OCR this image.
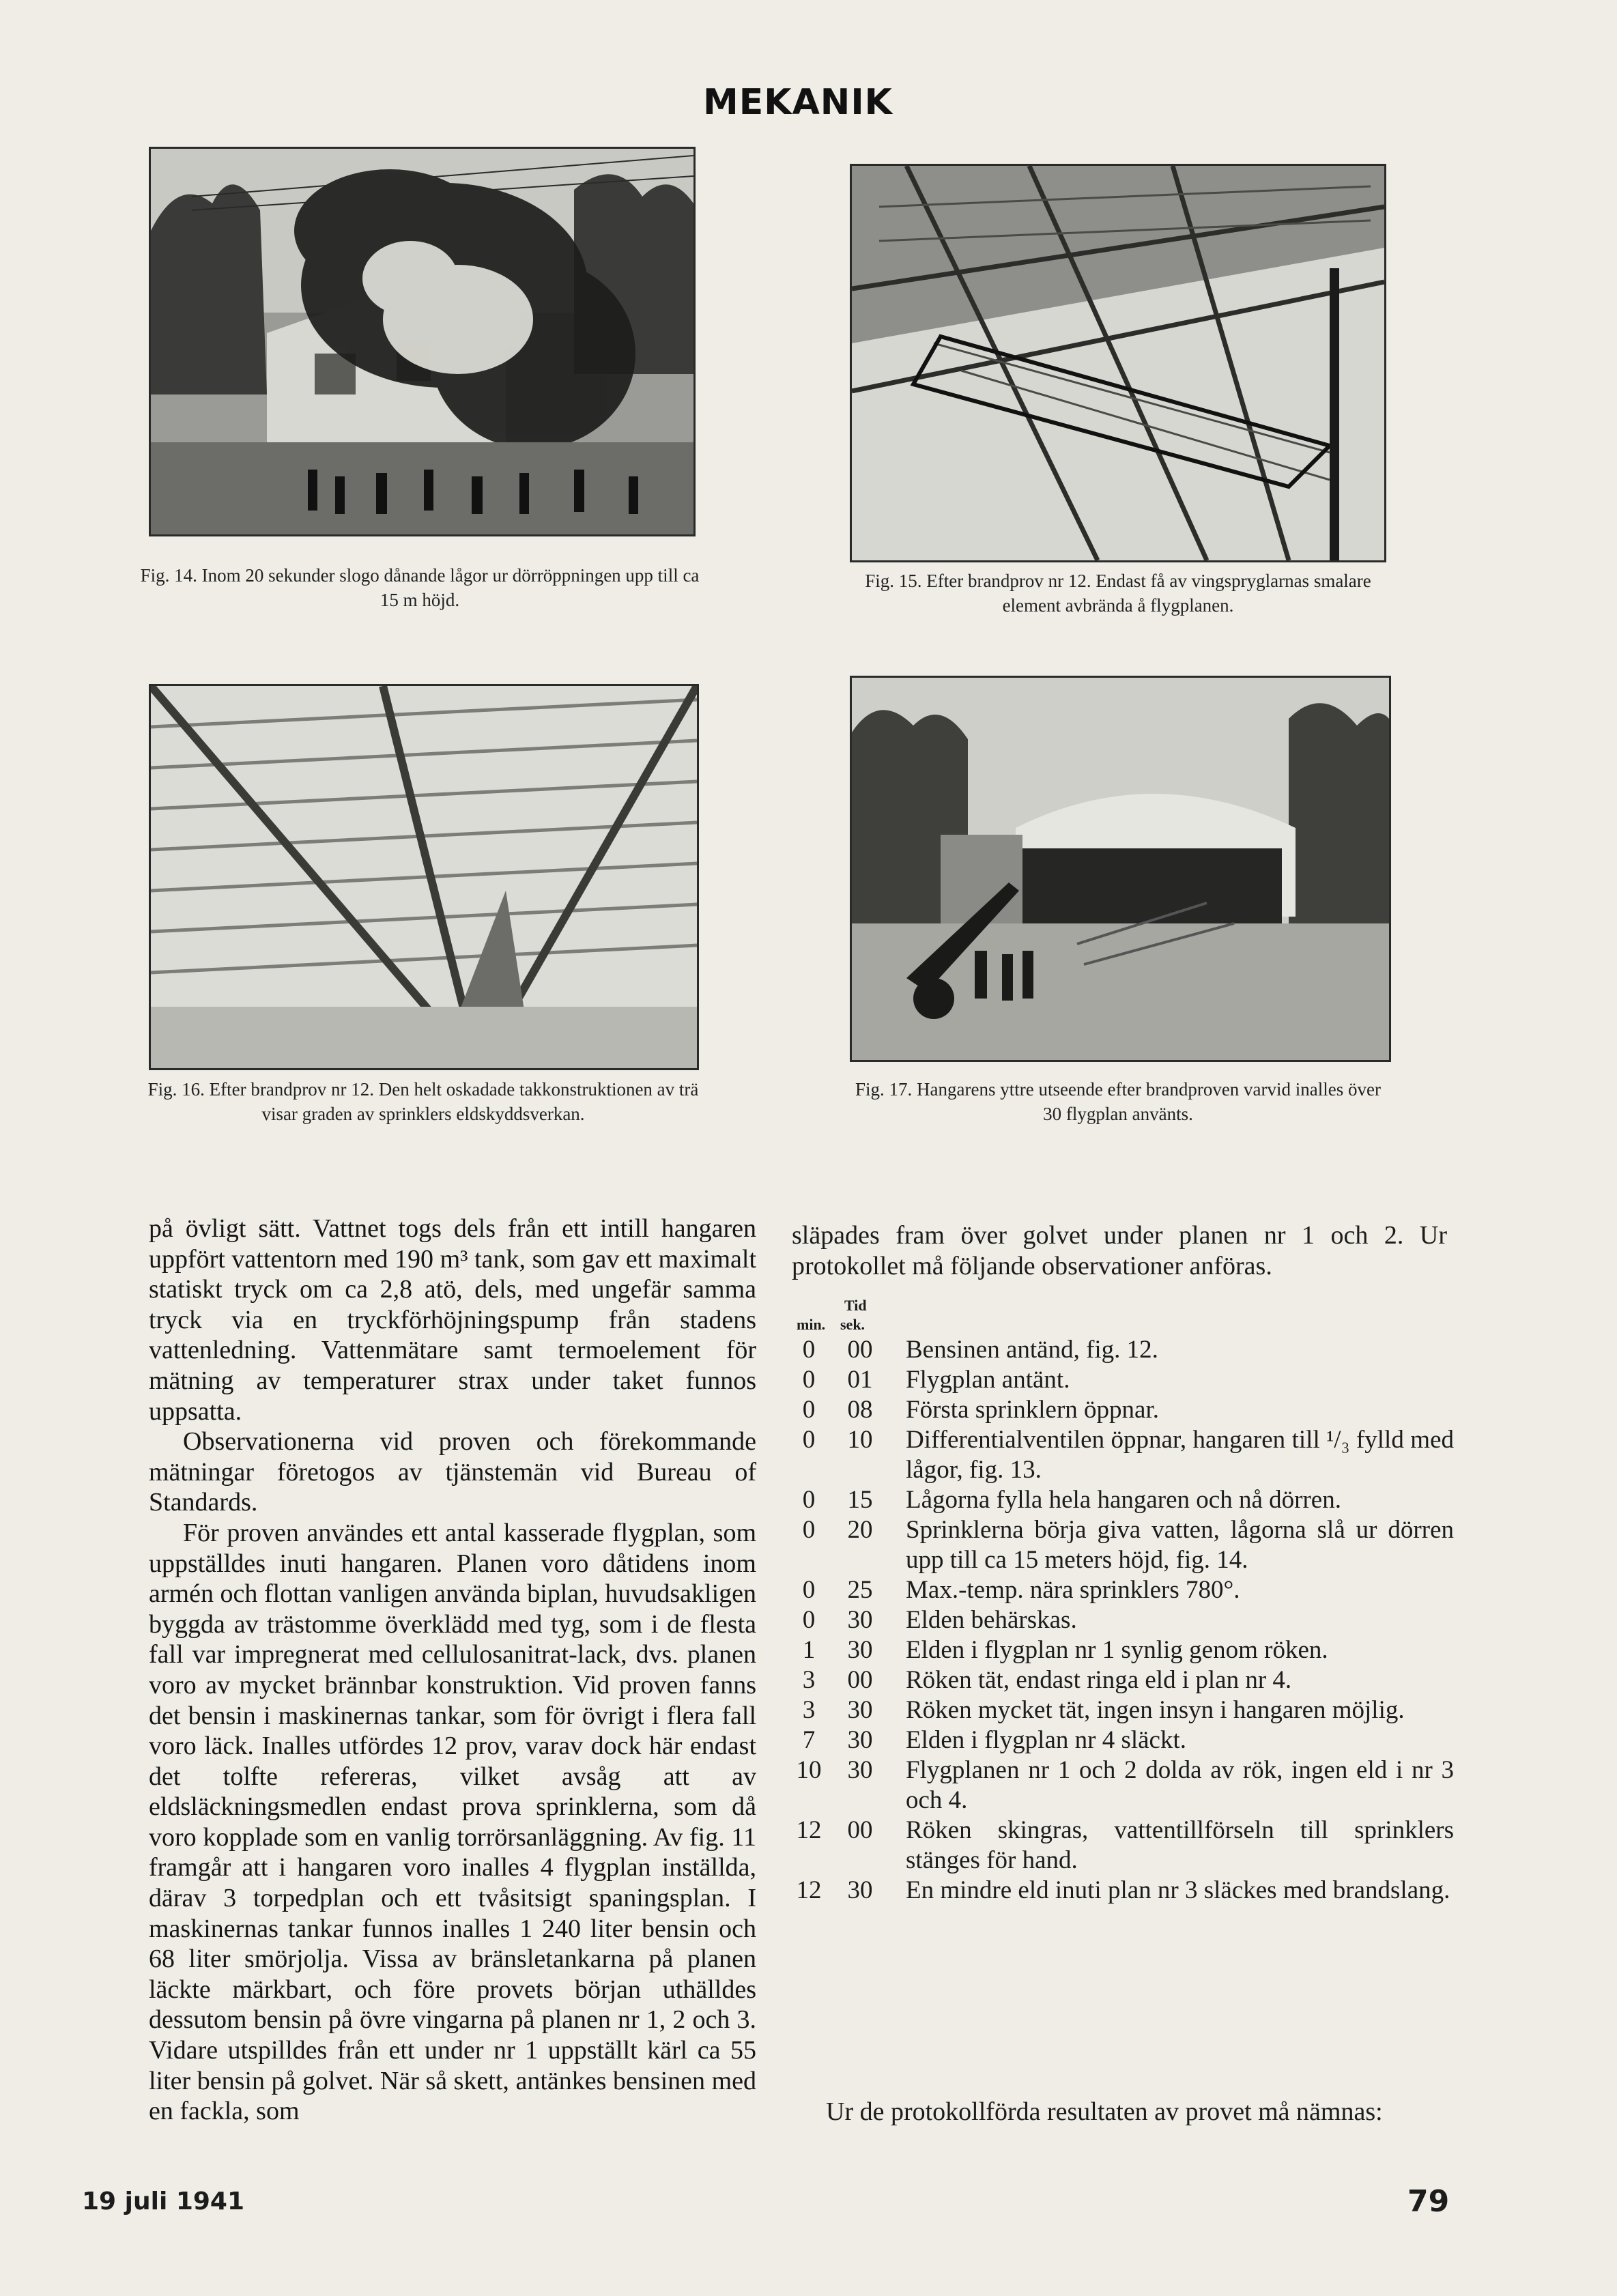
MEKANIK
Fig. 14. Inom 20 sekunder slogo dånande lågor ur dörröppningen upp till ca 15 m höjd.
Fig. 15. Efter brandprov nr 12. Endast få av vingspryglarnas smalare element avbrända å flygplanen.
Fig. 16. Efter brandprov nr 12. Den helt oskadade takkonstruktionen av trä visar graden av sprinklers eldskyddsverkan.
Fig. 17. Hangarens yttre utseende efter brandproven varvid inalles över 30 flygplan använts.

på övligt sätt. Vattnet togs dels från ett intill hangaren uppfört vattentorn med 190 m³ tank, som gav ett maximalt statiskt tryck om ca 2,8 atö, dels, med ungefär samma tryck via en tryckförhöjningspump från stadens vattenledning. Vattenmätare samt termoelement för mätning av temperaturer strax under taket funnos uppsatta.

Observationerna vid proven och förekommande mätningar företogos av tjänstemän vid Bureau of Standards.

För proven användes ett antal kasserade flygplan, som uppställdes inuti hangaren. Planen voro dåtidens inom armén och flottan vanligen använda biplan, huvudsakligen byggda av trästomme överklädd med tyg, som i de flesta fall var impregnerat med cellulosanitrat-lack, dvs. planen voro av mycket brännbar konstruktion. Vid proven fanns det bensin i maskinernas tankar, som för övrigt i flera fall voro läck. Inalles utfördes 12 prov, varav dock här endast det tolfte refereras, vilket avsåg att av eldsläckningsmedlen endast prova sprinklerna, som då voro kopplade som en vanlig torrörsanläggning. Av fig. 11 framgår att i hangaren voro inalles 4 flygplan inställda, därav 3 torpedplan och ett tvåsitsigt spaningsplan. I maskinernas tankar funnos inalles 1 240 liter bensin och 68 liter smörjolja. Vissa av bränsletankarna på planen läckte märkbart, och före provets början uthälldes dessutom bensin på övre vingarna på planen nr 1, 2 och 3. Vidare utspilldes från ett under nr 1 uppställt kärl ca 55 liter bensin på golvet. När så skett, antänkes bensinen med en fackla, som

släpades fram över golvet under planen nr 1 och 2. Ur protokollet må följande observationer anföras.
Tid
min. sek.
0	00	Bensinen antänd, fig. 12.
0	01	Flygplan antänt.
0	08	Första sprinklern öppnar.
0	10	Differentialventilen öppnar, hangaren till ¹/₃ fylld med lågor, fig. 13.
0	15	Lågorna fylla hela hangaren och nå dörren.
0	20	Sprinklerna börja giva vatten, lågorna slå ur dörren upp till ca 15 meters höjd, fig. 14.
0	25	Max.-temp. nära sprinklers 780°.
0	30	Elden behärskas.
1	30	Elden i flygplan nr 1 synlig genom röken.
3	00	Röken tät, endast ringa eld i plan nr 4.
3	30	Röken mycket tät, ingen insyn i hangaren möjlig.
7	30	Elden i flygplan nr 4 släckt.
10	30	Flygplanen nr 1 och 2 dolda av rök, ingen eld i nr 3 och 4.
12	00	Röken skingras, vattentillförseln till sprinklers stänges för hand.
12	30	En mindre eld inuti plan nr 3 släckes med brandslang.
Ur de protokollförda resultaten av provet må nämnas:
19 juli 1941	79
